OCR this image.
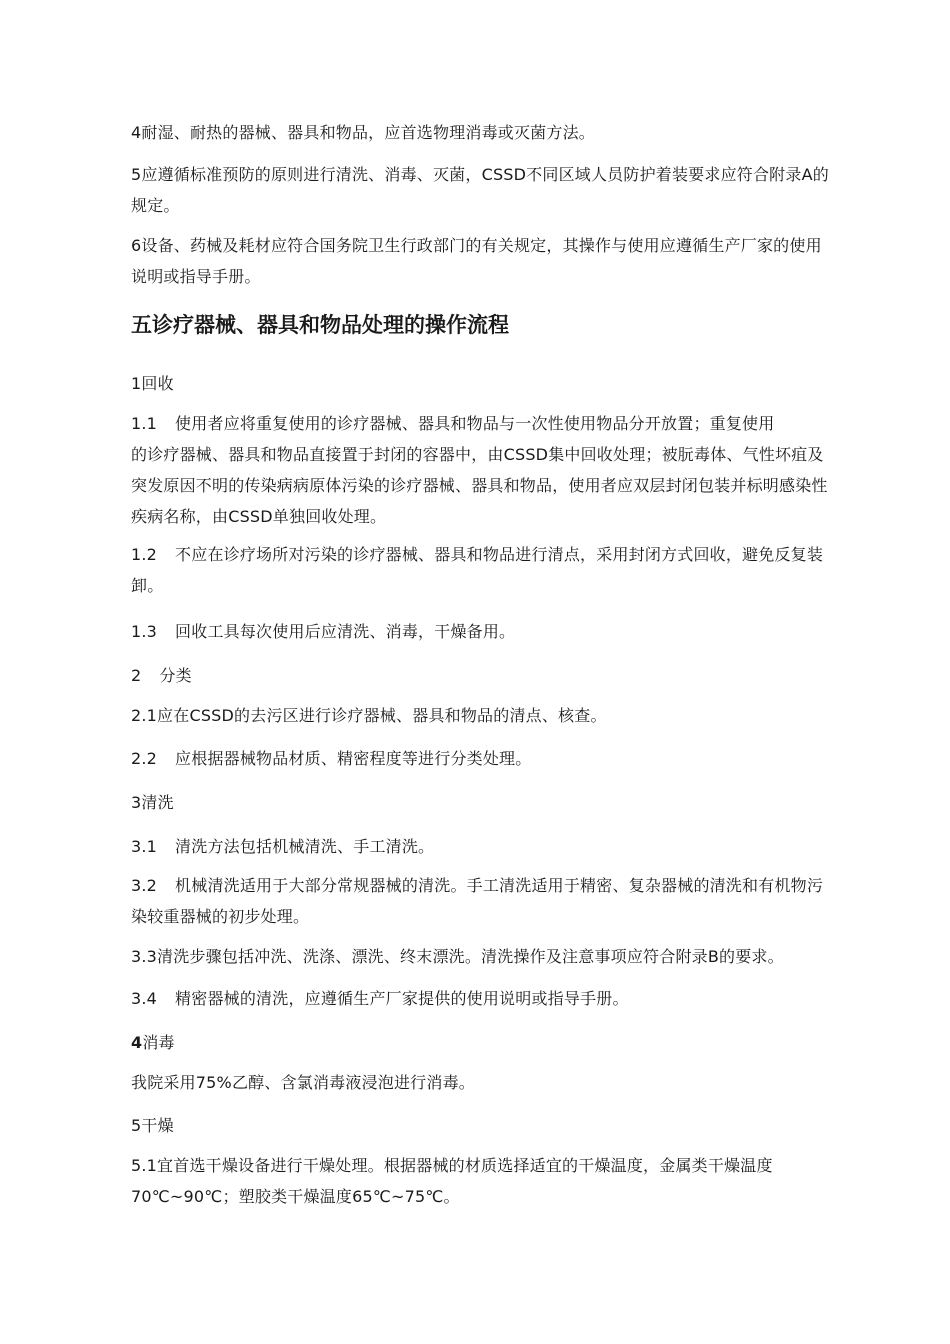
4耐湿、耐热的器械、器具和物品，应首选物理消毒或灭菌方法。

5应遵循标准预防的原则进行清洗、消毒、灭菌，CSSD不同区域人员防护着装要求应符合附录A的规定。

6设备、药械及耗材应符合国务院卫生行政部门的有关规定，其操作与使用应遵循生产厂家的使用说明或指导手册。

五诊疗器械、器具和物品处理的操作流程

1回收

1.1 使用者应将重复使用的诊疗器械、器具和物品与一次性使用物品分开放置；重复使用
的诊疗器械、器具和物品直接置于封闭的容器中，由CSSD集中回收处理；被朊毒体、气性坏疽及突发原因不明的传染病病原体污染的诊疗器械、器具和物品，使用者应双层封闭包装并标明感染性疾病名称，由CSSD单独回收处理。
1.2 不应在诊疗场所对污染的诊疗器械、器具和物品进行清点，采用封闭方式回收，避免反复装卸。
1.3 回收工具每次使用后应清洗、消毒，干燥备用。
2 分类

2.1应在CSSD的去污区进行诊疗器械、器具和物品的清点、核查。

2.2 应根据器械物品材质、精密程度等进行分类处理。

3清洗

3.1 清洗方法包括机械清洗、手工清洗。
3.2 机械清洗适用于大部分常规器械的清洗。手工清洗适用于精密、复杂器械的清洗和有机物污染较重器械的初步处理。

3.3清洗步骤包括冲洗、洗涤、漂洗、终末漂洗。清洗操作及注意事项应符合附录B的要求。

3.4 精密器械的清洗，应遵循生产厂家提供的使用说明或指导手册。
4消毒

我院采用75%乙醇、含氯消毒液浸泡进行消毒。

5干燥

5.1宜首选干燥设备进行干燥处理。根据器械的材质选择适宜的干燥温度，金属类干燥温度70℃~90℃；塑胶类干燥温度65℃~75℃。
